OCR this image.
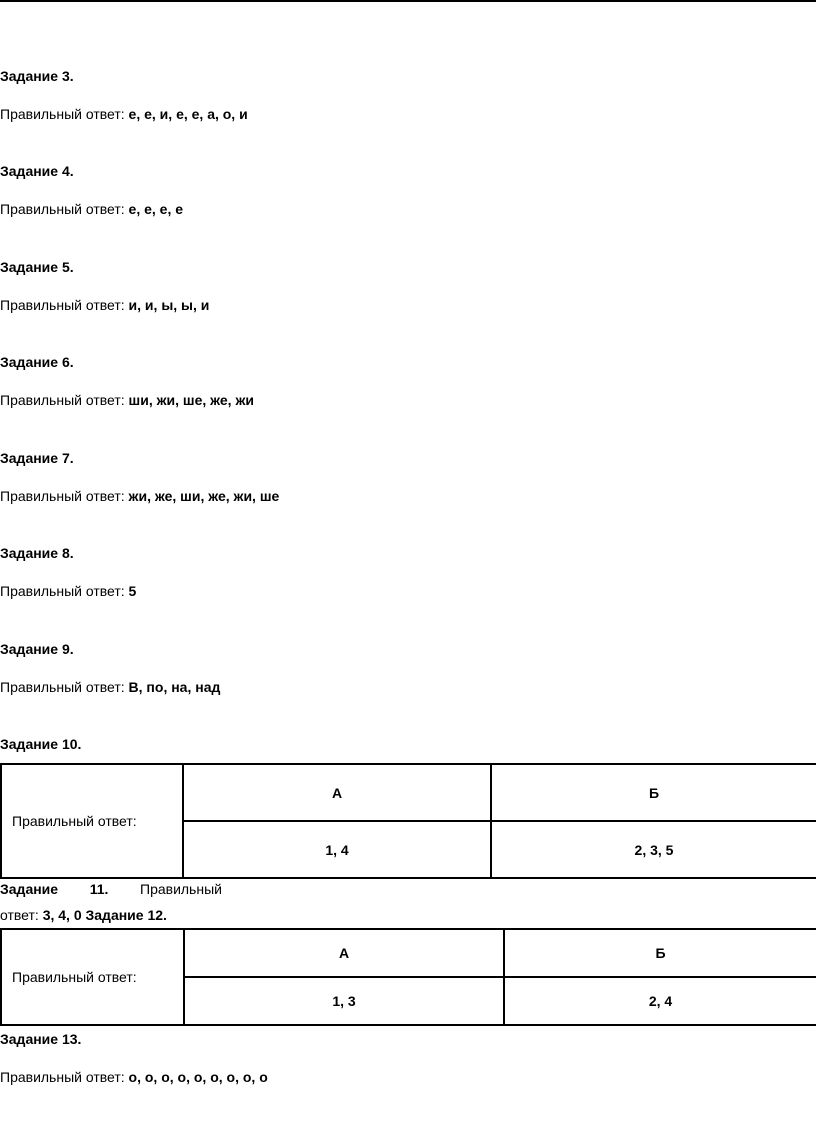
Задание 3.
Правильный ответ: е, е, и, е, е, а, о, и
Задание 4.
Правильный ответ: е, е, е, е
Задание 5.
Правильный ответ: и, и, ы, ы, и
Задание 6.
Правильный ответ: ши, жи, ше, же, жи
Задание 7.
Правильный ответ: жи, же, ши, же, жи, ше
Задание 8.
Правильный ответ: 5
Задание 9.
Правильный ответ: В, по, на, над
Задание 10.
Правильный ответ:	А	Б
	1, 4	2, 3, 5
Задание 11. Правильный
ответ: 3, 4, 0 Задание 12.
Правильный ответ:	А	Б
	1, 3	2, 4
Задание 13.
Правильный ответ: о, о, о, о, о, о, о, о, о
